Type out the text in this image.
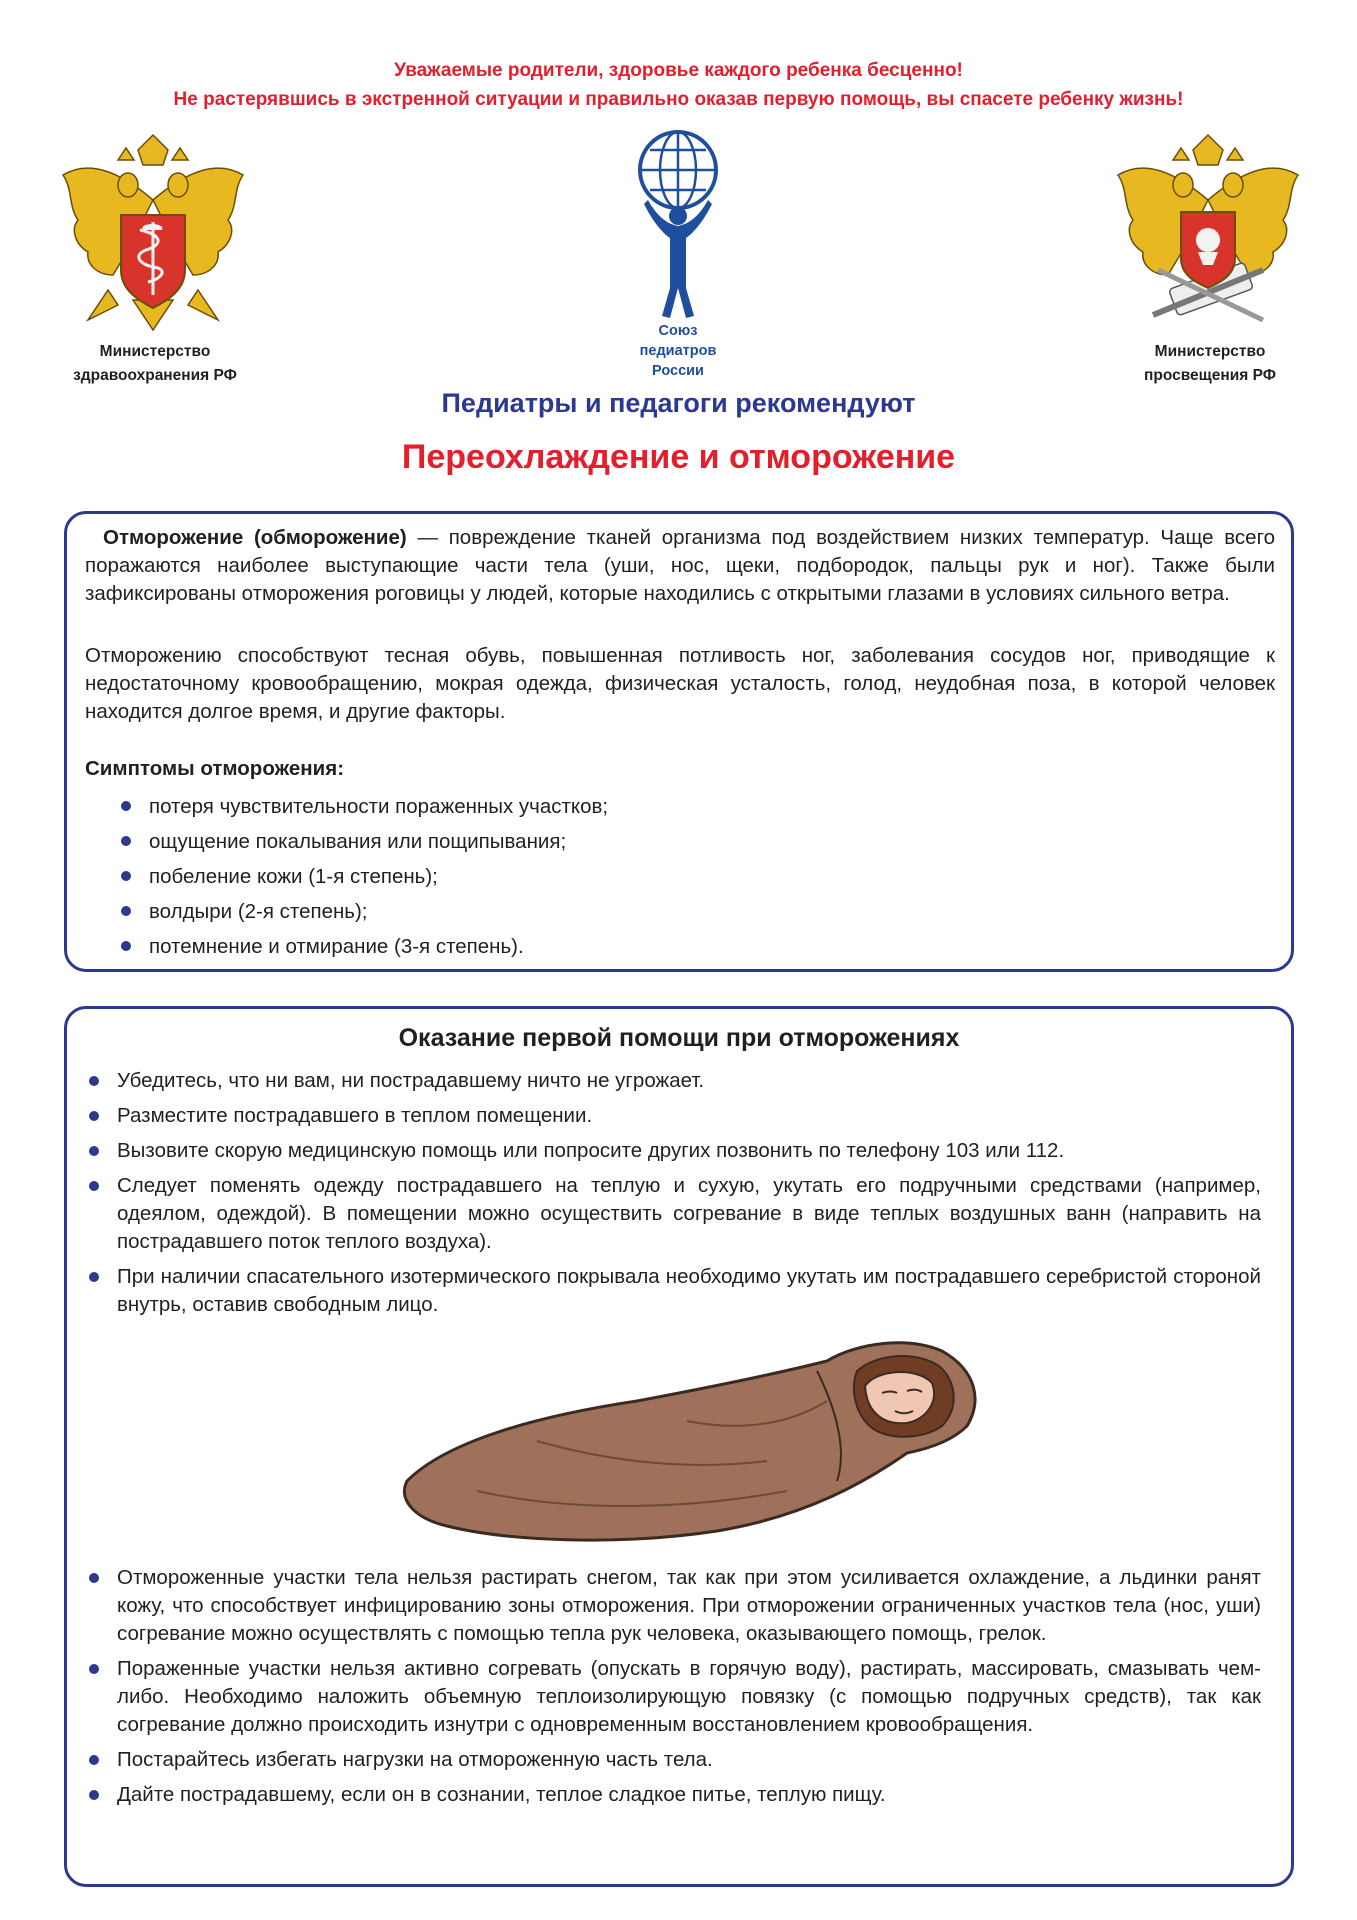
Уважаемые родители, здоровье каждого ребенка бесценно!
Не растерявшись в экстренной ситуации и правильно оказав первую помощь, вы спасете ребенку жизнь!
Министерство
здравоохранения РФ
Союз
педиатров
России
Министерство
просвещения РФ
Педиатры и педагоги рекомендуют
Переохлаждение и отморожение
Отморожение (обморожение) — повреждение тканей организма под воздействием низких температур. Чаще всего поражаются наиболее выступающие части тела (уши, нос, щеки, подбородок, пальцы рук и ног). Также были зафиксированы отморожения роговицы у людей, которые находились с открытыми глазами в условиях сильного ветра.
Отморожению способствуют тесная обувь, повышенная потливость ног, заболевания сосудов ног, приводящие к недостаточному кровообращению, мокрая одежда, физическая усталость, голод, неудобная поза, в которой человек находится долгое время, и другие факторы.
Симптомы отморожения:
потеря чувствительности пораженных участков;
ощущение покалывания или пощипывания;
побеление кожи (1-я степень);
волдыри (2-я степень);
потемнение и отмирание (3-я степень).
Оказание первой помощи при отморожениях
Убедитесь, что ни вам, ни пострадавшему ничто не угрожает.
Разместите пострадавшего в теплом помещении.
Вызовите скорую медицинскую помощь или попросите других позвонить по телефону 103 или 112.
Следует поменять одежду пострадавшего на теплую и сухую, укутать его подручными средствами (например, одеялом, одеждой). В помещении можно осуществить согревание в виде теплых воздушных ванн (направить на пострадавшего поток теплого воздуха).
При наличии спасательного изотермического покрывала необходимо укутать им пострадавшего серебристой стороной внутрь, оставив свободным лицо.
Отмороженные участки тела нельзя растирать снегом, так как при этом усиливается охлаждение, а льдинки ранят кожу, что способствует инфицированию зоны отморожения. При отморожении ограниченных участков тела (нос, уши) согревание можно осуществлять с помощью тепла рук человека, оказывающего помощь, грелок.
Пораженные участки нельзя активно согревать (опускать в горячую воду), растирать, массировать, смазывать чем-либо. Необходимо наложить объемную теплоизолирующую повязку (с помощью подручных средств), так как согревание должно происходить изнутри с одновременным восстановлением кровообращения.
Постарайтесь избегать нагрузки на отмороженную часть тела.
Дайте пострадавшему, если он в сознании, теплое сладкое питье, теплую пищу.
